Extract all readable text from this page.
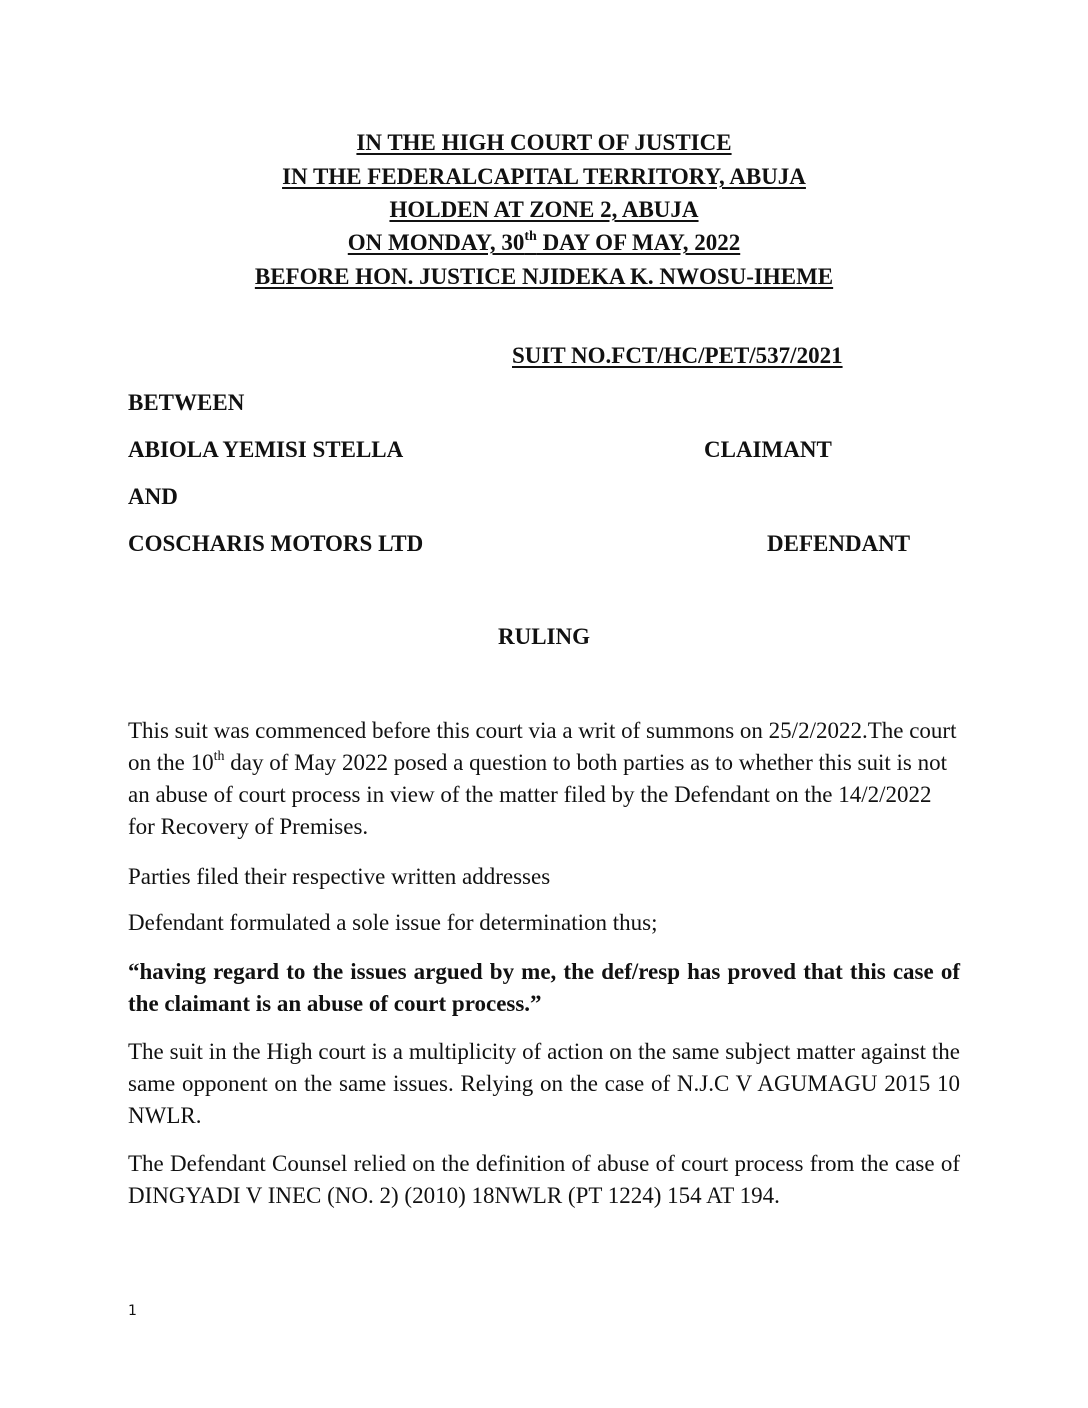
IN THE HIGH COURT OF JUSTICE
IN THE FEDERALCAPITAL TERRITORY, ABUJA
HOLDEN AT ZONE 2, ABUJA
ON MONDAY, 30th DAY OF MAY, 2022
BEFORE HON. JUSTICE NJIDEKA K. NWOSU-IHEME
SUIT NO.FCT/HC/PET/537/2021
BETWEEN
ABIOLA YEMISI STELLA	CLAIMANT
AND
COSCHARIS MOTORS LTD	DEFENDANT
RULING

This suit was commenced before this court via a writ of summons on 25/2/2022.The court on the 10th day of May 2022 posed a question to both parties as to whether this suit is not an abuse of court process in view of the matter filed by the Defendant on the 14/2/2022 for Recovery of Premises.

Parties filed their respective written addresses

Defendant formulated a sole issue for determination thus;

“having regard to the issues argued by me, the def/resp has proved that this case of the claimant is an abuse of court process.”

The suit in the High court is a multiplicity of action on the same subject matter against the same opponent on the same issues. Relying on the case of N.J.C V AGUMAGU 2015 10 NWLR.

The Defendant Counsel relied on the definition of abuse of court process from the case of DINGYADI V INEC (NO. 2) (2010) 18NWLR (PT 1224) 154 AT 194.

1
